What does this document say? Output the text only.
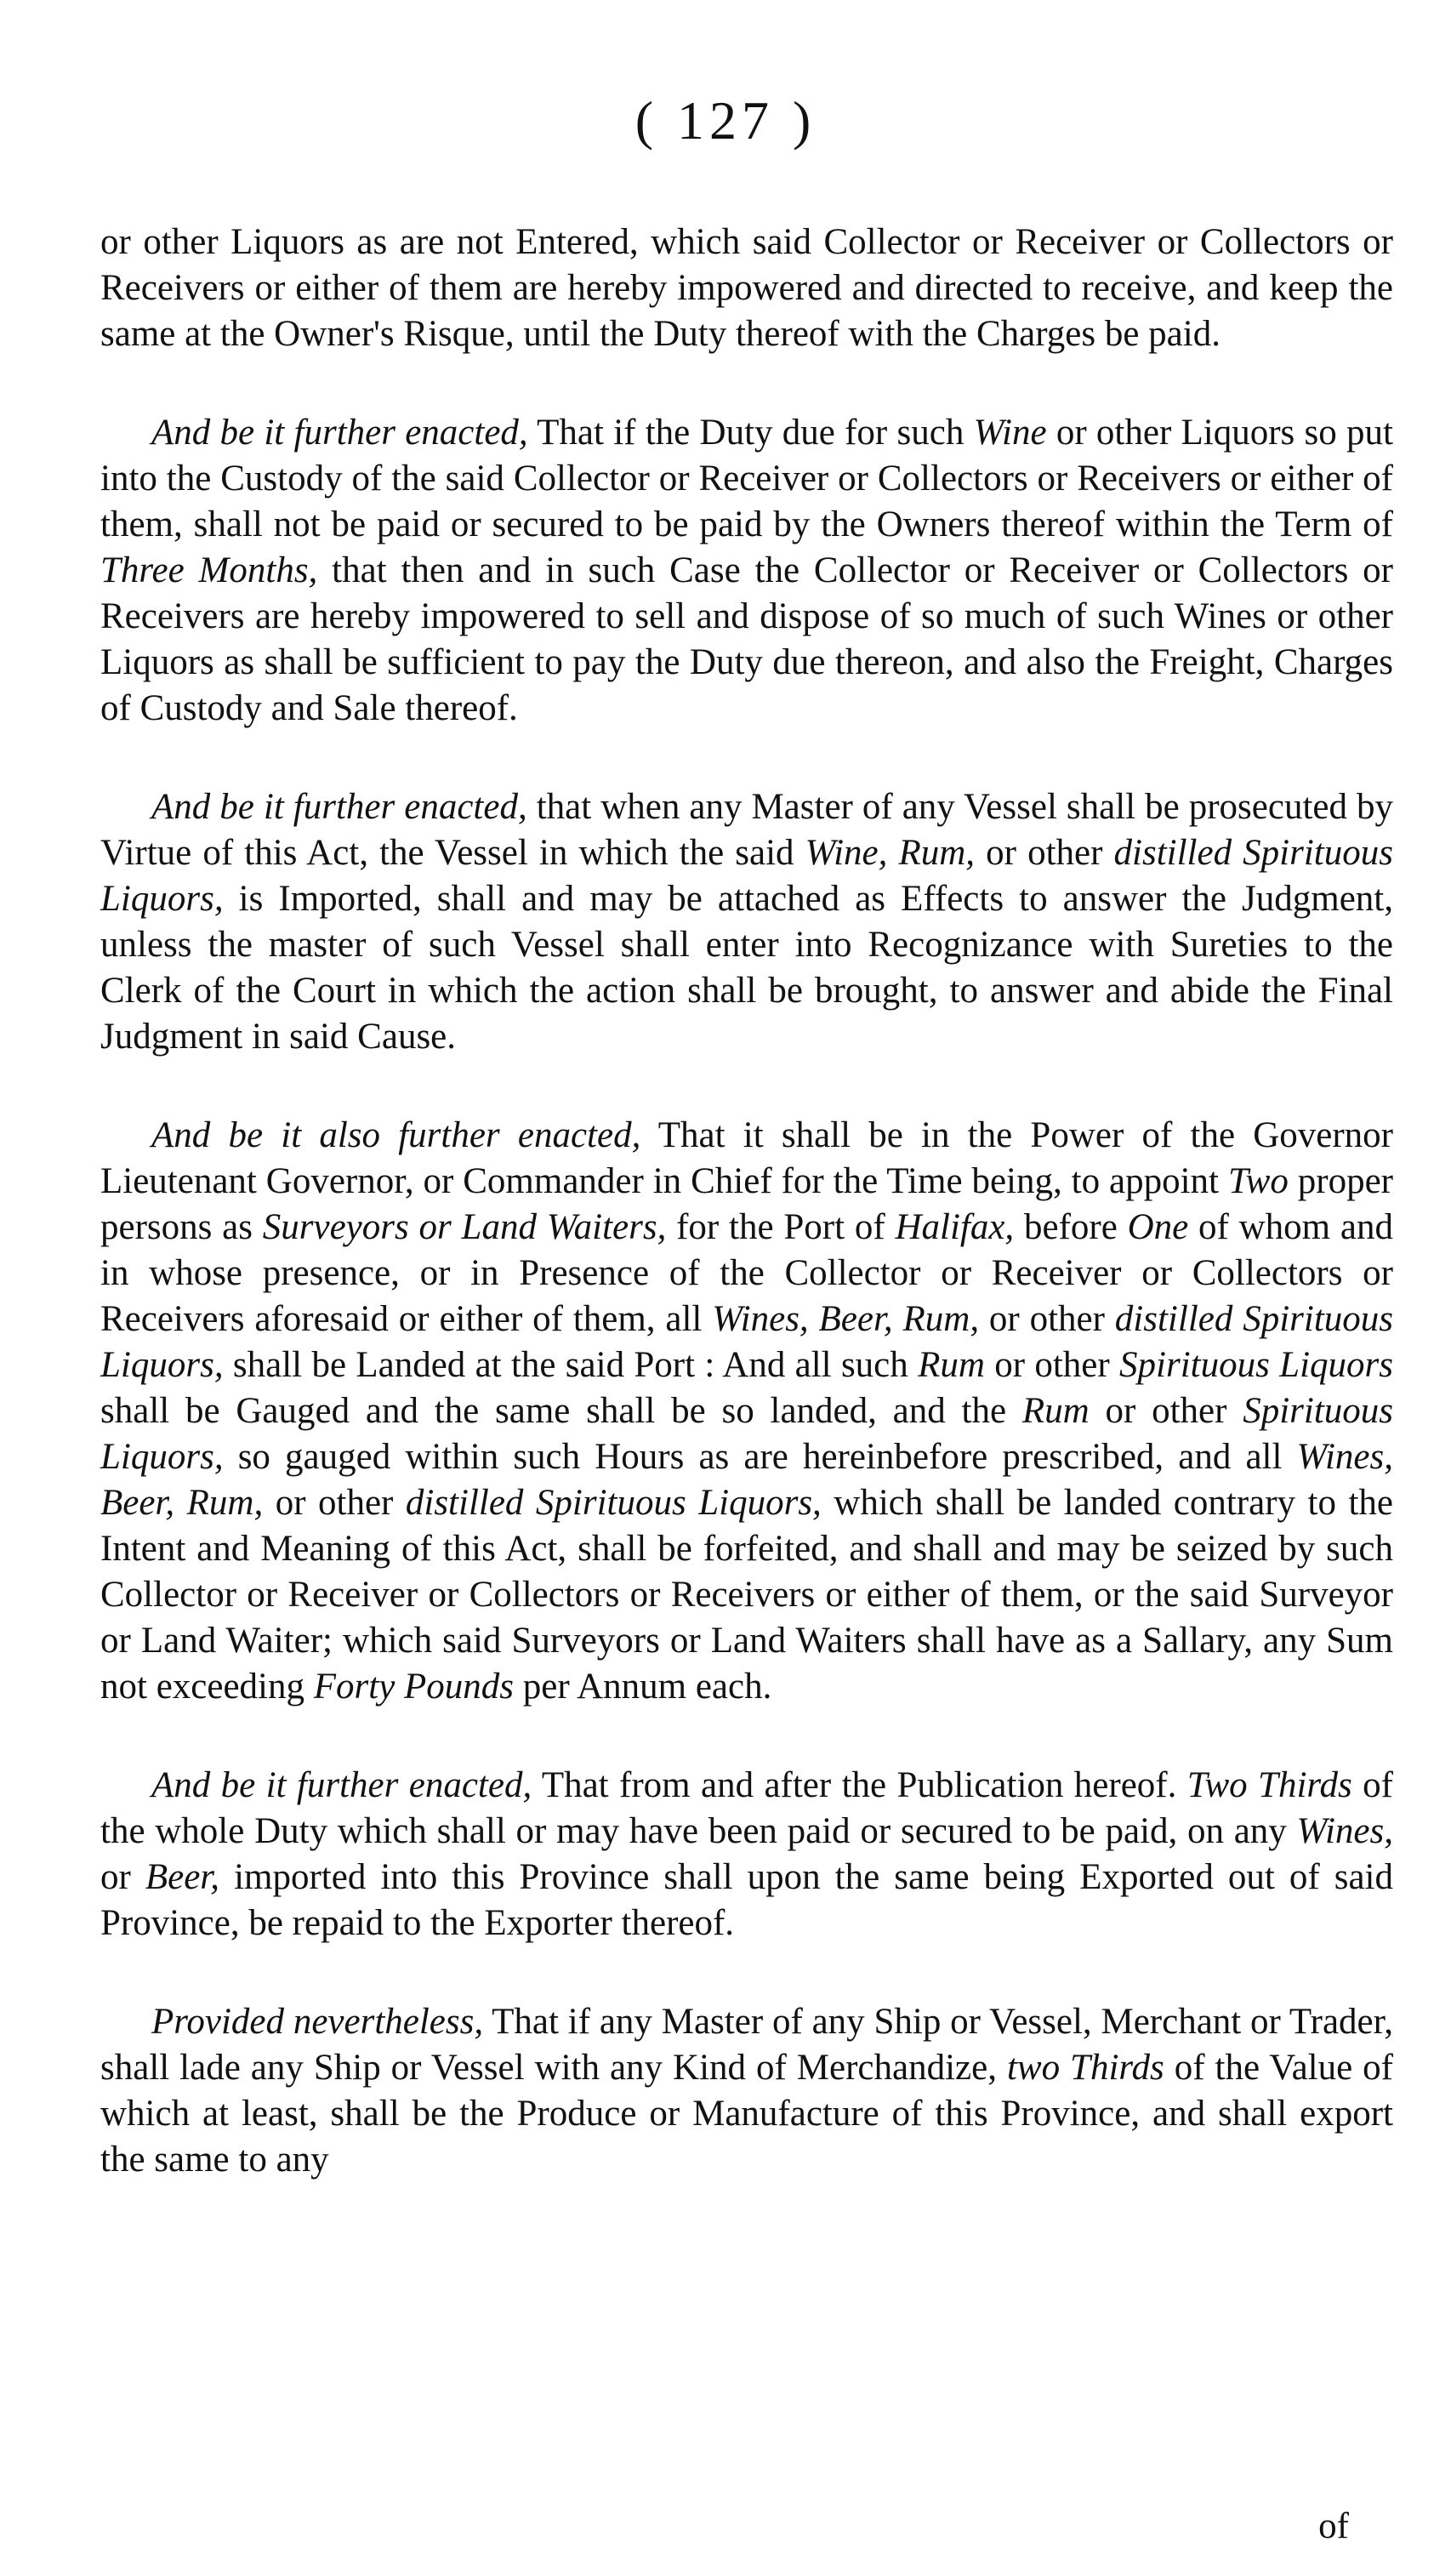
( 127 )

or other Liquors as are not Entered, which said Collector or Receiver or Collectors or Receivers or either of them are hereby impowered and directed to receive, and keep the same at the Owner's Risque, until the Duty thereof with the Charges be paid.

And be it further enacted, That if the Duty due for such Wine or other Liquors so put into the Custody of the said Collector or Receiver or Collectors or Receivers or either of them, shall not be paid or secured to be paid by the Owners thereof within the Term of Three Months, that then and in such Case the Collector or Receiver or Collectors or Receivers are hereby impowered to sell and dispose of so much of such Wines or other Liquors as shall be sufficient to pay the Duty due thereon, and also the Freight, Charges of Custody and Sale thereof.

And be it further enacted, that when any Master of any Vessel shall be prosecuted by Virtue of this Act, the Vessel in which the said Wine, Rum, or other distilled Spirituous Liquors, is Imported, shall and may be attached as Effects to answer the Judgment, unless the master of such Vessel shall enter into Recognizance with Sureties to the Clerk of the Court in which the action shall be brought, to answer and abide the Final Judgment in said Cause.

And be it also further enacted, That it shall be in the Power of the Governor Lieutenant Governor, or Commander in Chief for the Time being, to appoint Two proper persons as Surveyors or Land Waiters, for the Port of Halifax, before One of whom and in whose presence, or in Presence of the Collector or Receiver or Collectors or Receivers aforesaid or either of them, all Wines, Beer, Rum, or other distilled Spirituous Liquors, shall be Landed at the said Port : And all such Rum or other Spirituous Liquors shall be Gauged and the same shall be so landed, and the Rum or other Spirituous Liquors, so gauged within such Hours as are hereinbefore prescribed, and all Wines, Beer, Rum, or other distilled Spirituous Liquors, which shall be landed contrary to the Intent and Meaning of this Act, shall be forfeited, and shall and may be seized by such Collector or Receiver or Collectors or Receivers or either of them, or the said Surveyor or Land Waiter; which said Surveyors or Land Waiters shall have as a Sallary, any Sum not exceeding Forty Pounds per Annum each.

And be it further enacted, That from and after the Publication hereof. Two Thirds of the whole Duty which shall or may have been paid or secured to be paid, on any Wines, or Beer, imported into this Province shall upon the same being Exported out of said Province, be repaid to the Exporter thereof.

Provided nevertheless, That if any Master of any Ship or Vessel, Merchant or Trader, shall lade any Ship or Vessel with any Kind of Merchandize, two Thirds of the Value of which at least, shall be the Produce or Manufacture of this Province, and shall export the same to any

of
